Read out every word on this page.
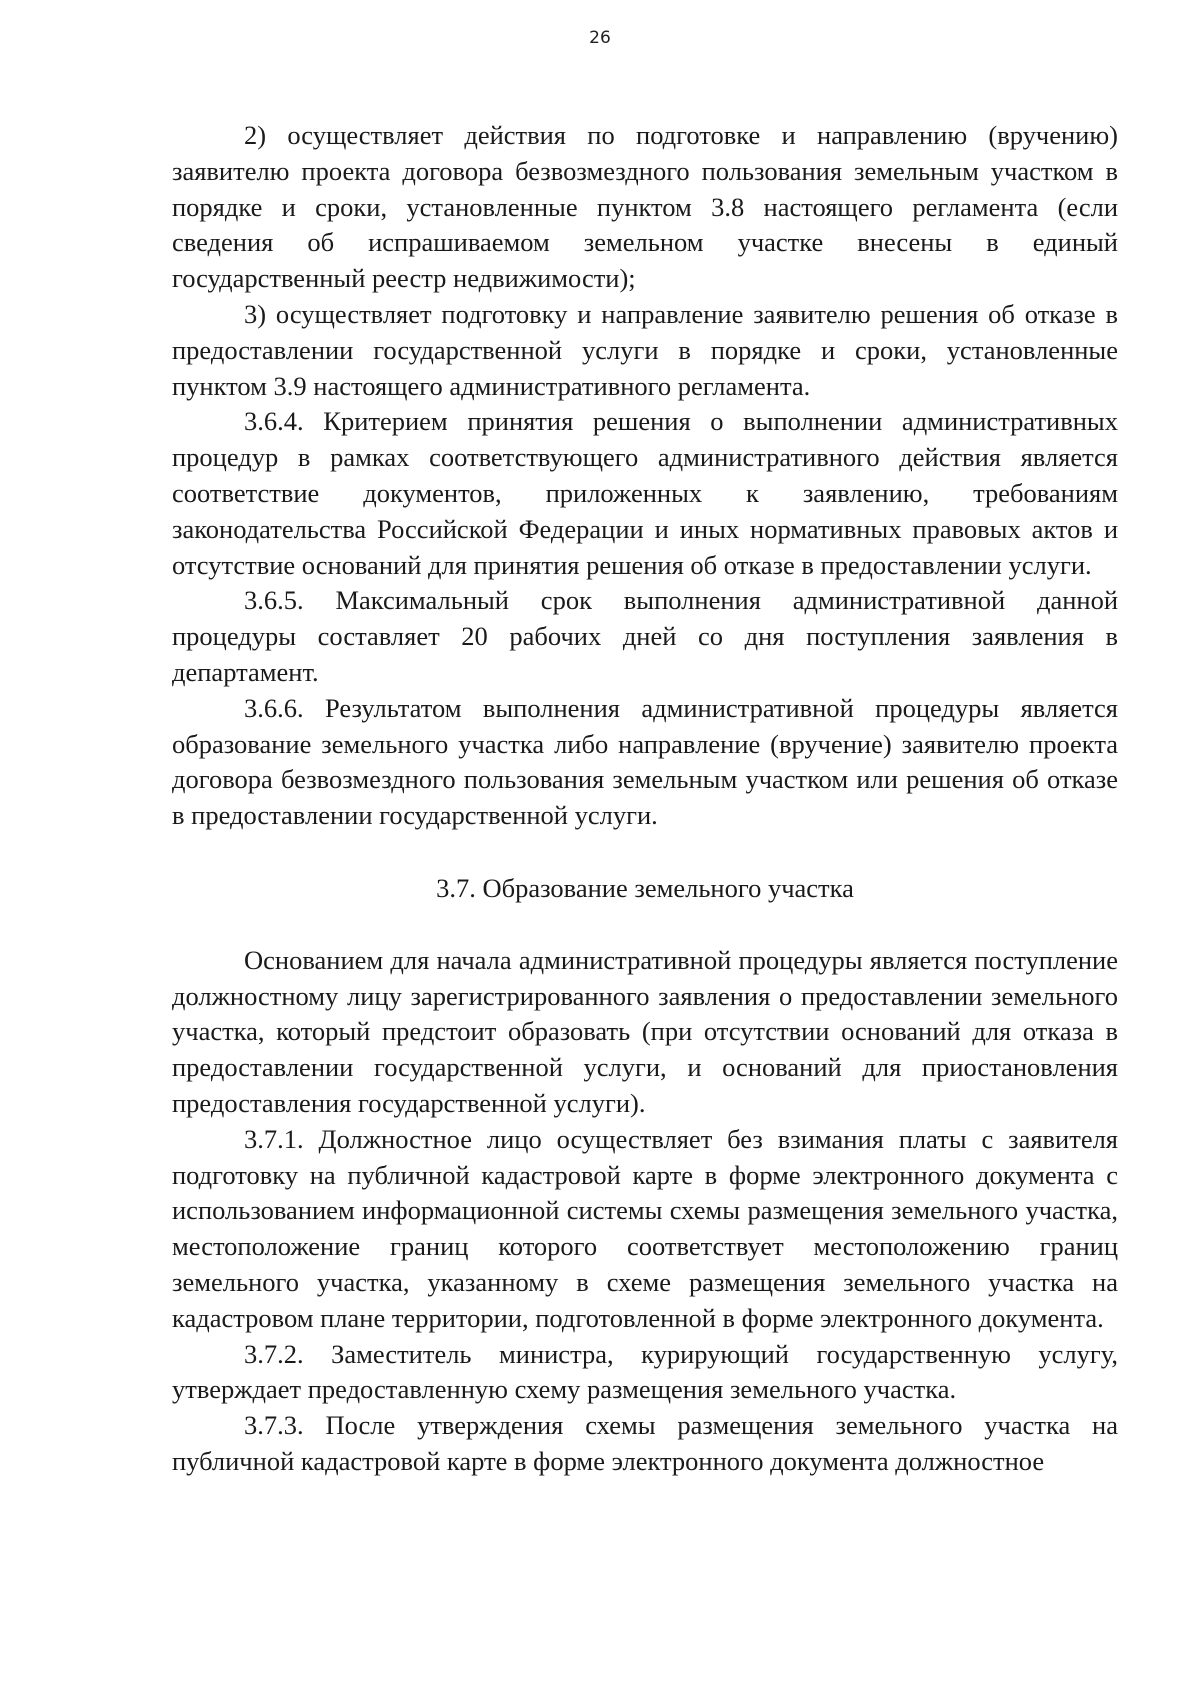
26

2) осуществляет действия по подготовке и направлению (вручению) заявителю проекта договора безвозмездного пользования земельным участком в порядке и сроки, установленные пунктом 3.8 настоящего регламента (если сведения об испрашиваемом земельном участке внесены в единый государственный реестр недвижимости);

3) осуществляет подготовку и направление заявителю решения об отказе в предоставлении государственной услуги в порядке и сроки, установленные пунктом 3.9 настоящего административного регламента.

3.6.4. Критерием принятия решения о выполнении административных процедур в рамках соответствующего административного действия является соответствие документов, приложенных к заявлению, требованиям законодательства Российской Федерации и иных нормативных правовых актов и отсутствие оснований для принятия решения об отказе в предоставлении услуги.

3.6.5. Максимальный срок выполнения административной данной процедуры составляет 20 рабочих дней со дня поступления заявления в департамент.

3.6.6. Результатом выполнения административной процедуры является образование земельного участка либо направление (вручение) заявителю проекта договора безвозмездного пользования земельным участком или решения об отказе в предоставлении государственной услуги.

3.7. Образование земельного участка

Основанием для начала административной процедуры является поступление должностному лицу зарегистрированного заявления о предоставлении земельного участка, который предстоит образовать (при отсутствии оснований для отказа в предоставлении государственной услуги, и оснований для приостановления предоставления государственной услуги).

3.7.1. Должностное лицо осуществляет без взимания платы с заявителя подготовку на публичной кадастровой карте в форме электронного документа с использованием информационной системы схемы размещения земельного участка, местоположение границ которого соответствует местоположению границ земельного участка, указанному в схеме размещения земельного участка на кадастровом плане территории, подготовленной в форме электронного документа.

3.7.2. Заместитель министра, курирующий государственную услугу, утверждает предоставленную схему размещения земельного участка.

3.7.3. После утверждения схемы размещения земельного участка на публичной кадастровой карте в форме электронного документа должностное
